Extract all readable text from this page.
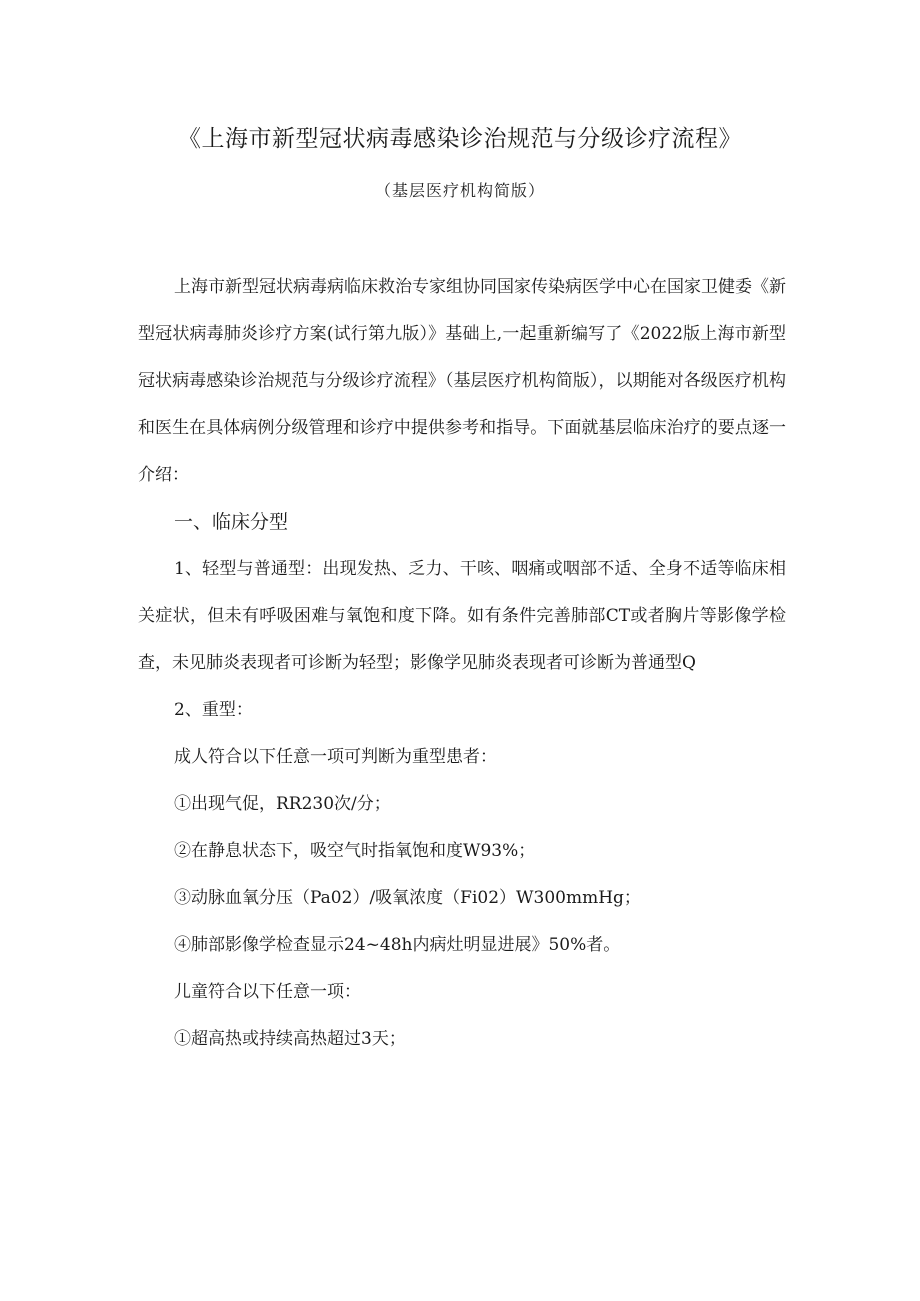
《上海市新型冠状病毒感染诊治规范与分级诊疗流程》
（基层医疗机构简版）

上海市新型冠状病毒病临床救治专家组协同国家传染病医学中心在国家卫健委《新型冠状病毒肺炎诊疗方案(试行第九版）》基础上,一起重新编写了《2022版上海市新型冠状病毒感染诊治规范与分级诊疗流程》（基层医疗机构简版），以期能对各级医疗机构和医生在具体病例分级管理和诊疗中提供参考和指导。下面就基层临床治疗的要点逐一介绍：

一、临床分型

1、轻型与普通型：出现发热、乏力、干咳、咽痛或咽部不适、全身不适等临床相关症状，但未有呼吸困难与氧饱和度下降。如有条件完善肺部CT或者胸片等影像学检查，未见肺炎表现者可诊断为轻型；影像学见肺炎表现者可诊断为普通型Q

2、重型：

成人符合以下任意一项可判断为重型患者：

①出现气促，RR230次/分；

②在静息状态下，吸空气时指氧饱和度W93%；

③动脉血氧分压（Pa02）/吸氧浓度（Fi02）W300mmHg；

④肺部影像学检查显示24~48h内病灶明显进展》50%者。

儿童符合以下任意一项：

①超高热或持续高热超过3天；
